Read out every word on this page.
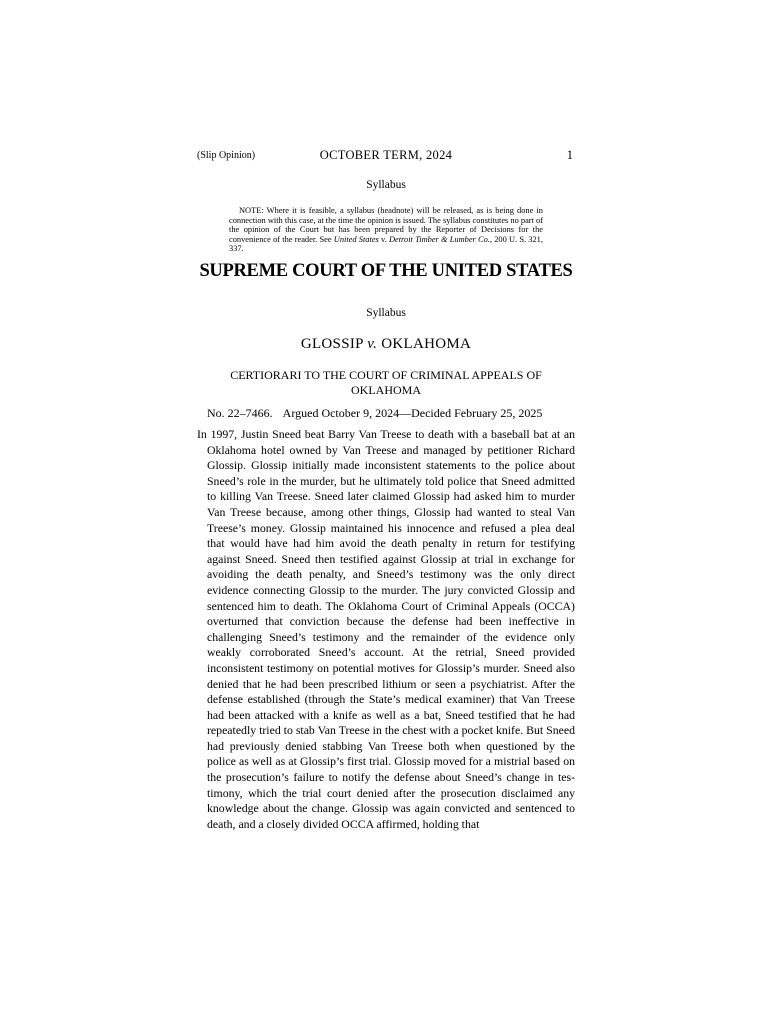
(Slip Opinion)	OCTOBER TERM, 2024	1
Syllabus
NOTE: Where it is feasible, a syllabus (headnote) will be released, as is being done in connection with this case, at the time the opinion is issued. The syllabus constitutes no part of the opinion of the Court but has been prepared by the Reporter of Decisions for the convenience of the reader. See United States v. Detroit Timber & Lumber Co., 200 U. S. 321, 337.
SUPREME COURT OF THE UNITED STATES
Syllabus
GLOSSIP v. OKLAHOMA
CERTIORARI TO THE COURT OF CRIMINAL APPEALS OF OKLAHOMA
No. 22–7466. Argued October 9, 2024—Decided February 25, 2025
In 1997, Justin Sneed beat Barry Van Treese to death with a baseball bat at an Oklahoma hotel owned by Van Treese and managed by petitioner Richard Glossip. Glossip initially made inconsistent statements to the police about Sneed’s role in the murder, but he ultimately told police that Sneed admitted to killing Van Treese. Sneed later claimed Glossip had asked him to murder Van Treese because, among other things, Glossip had wanted to steal Van Treese’s money. Glossip maintained his innocence and refused a plea deal that would have had him avoid the death penalty in return for testifying against Sneed. Sneed then testified against Glossip at trial in exchange for avoiding the death penalty, and Sneed’s testimony was the only direct evidence connecting Glossip to the murder. The jury convicted Glossip and sentenced him to death. The Oklahoma Court of Criminal Appeals (OCCA) overturned that conviction because the defense had been ineffective in challenging Sneed’s testimony and the remainder of the evidence only weakly corroborated Sneed’s account. At the retrial, Sneed provided inconsistent testimony on potential motives for Glossip’s murder. Sneed also denied that he had been prescribed lithium or seen a psychiatrist. After the defense established (through the State’s medical examiner) that Van Treese had been attacked with a knife as well as a bat, Sneed testified that he had repeatedly tried to stab Van Treese in the chest with a pocket knife. But Sneed had previously denied stabbing Van Treese both when questioned by the police as well as at Glossip’s first trial. Glossip moved for a mistrial based on the prosecution’s failure to notify the defense about Sneed’s change in testimony, which the trial court denied after the prosecution disclaimed any knowledge about the change. Glossip was again convicted and sentenced to death, and a closely divided OCCA affirmed, holding that
